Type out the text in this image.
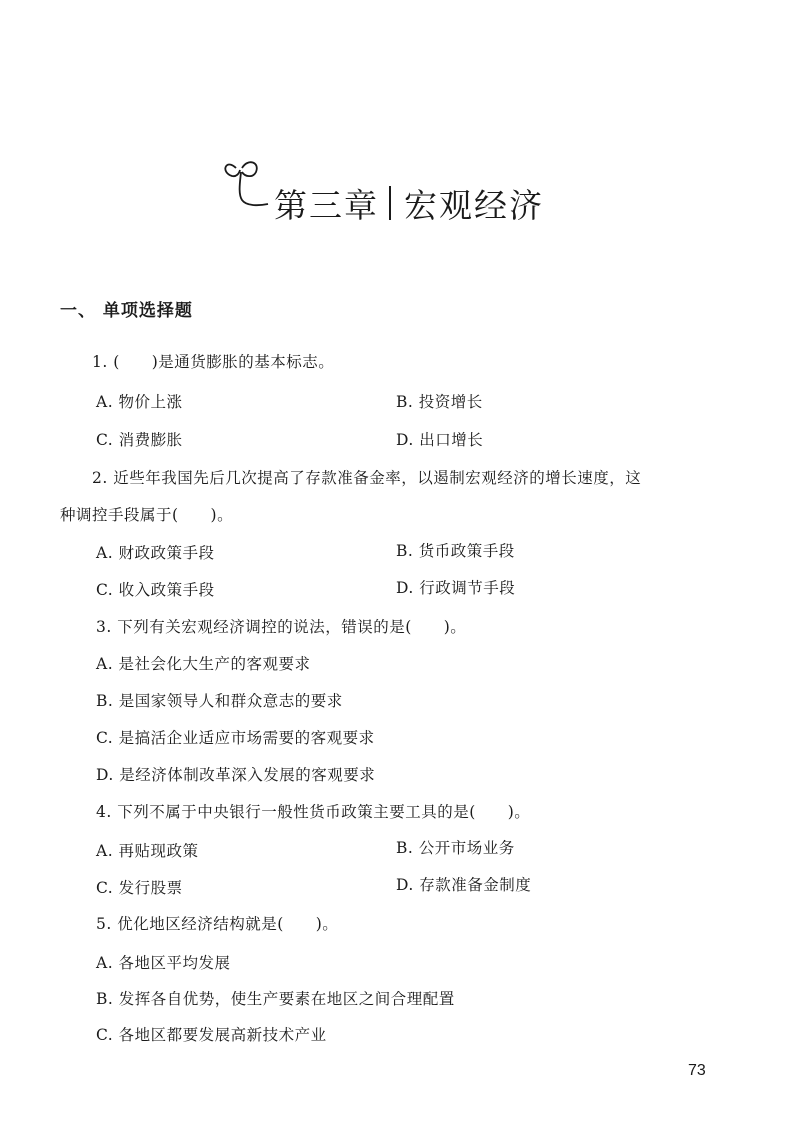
第三章 宏观经济
一、 单项选择题
1. (　　)是通货膨胀的基本标志。
A. 物价上涨	B. 投资增长
C. 消费膨胀	D. 出口增长
2. 近些年我国先后几次提高了存款准备金率，以遏制宏观经济的增长速度，这
种调控手段属于(　　)。
A. 财政政策手段	B. 货币政策手段
C. 收入政策手段	D. 行政调节手段
3. 下列有关宏观经济调控的说法，错误的是(　　)。
A. 是社会化大生产的客观要求
B. 是国家领导人和群众意志的要求
C. 是搞活企业适应市场需要的客观要求
D. 是经济体制改革深入发展的客观要求
4. 下列不属于中央银行一般性货币政策主要工具的是(　　)。
A. 再贴现政策	B. 公开市场业务
C. 发行股票	D. 存款准备金制度
5. 优化地区经济结构就是(　　)。
A. 各地区平均发展
B. 发挥各自优势，使生产要素在地区之间合理配置
C. 各地区都要发展高新技术产业
73
